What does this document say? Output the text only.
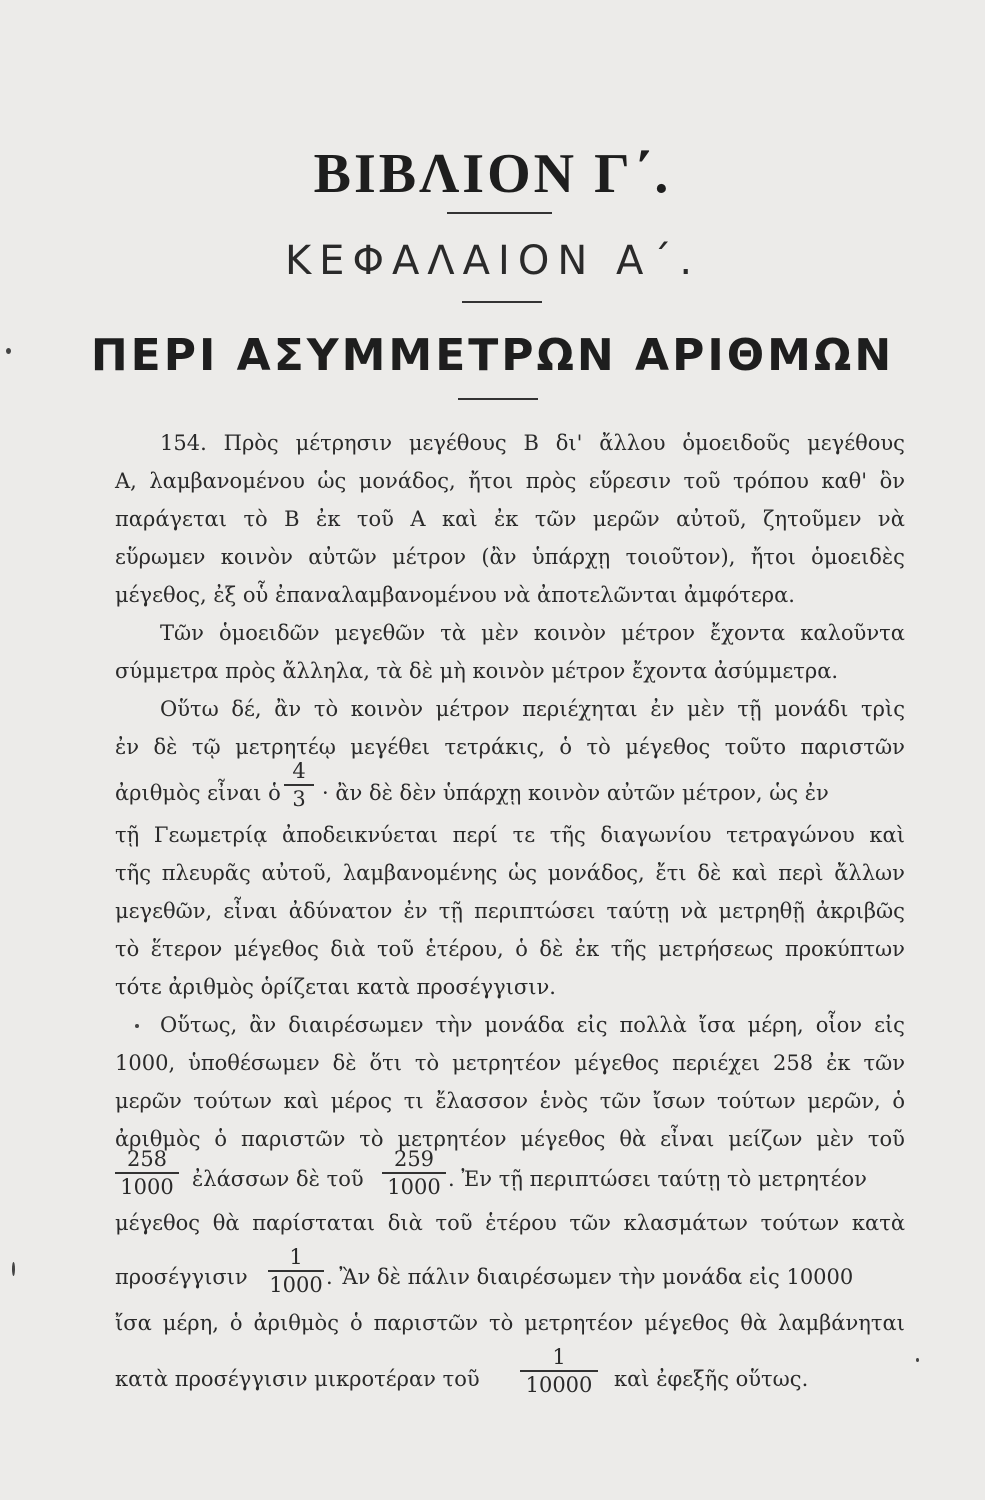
ΒΙΒΛΙΟΝ Γ΄.
ΚΕΦΑΛΑΙΟΝ Α΄.
ΠΕΡΙ ΑΣΥΜΜΕΤΡΩΝ ΑΡΙΘΜΩΝ
154. Πρὸς μέτρησιν μεγέθους Β δι' ἄλλου ὁμοειδοῦς μεγέθους
Α, λαμβανομένου ὡς μονάδος, ἤτοι πρὸς εὕρεσιν τοῦ τρόπου καθ' ὃν
παράγεται τὸ Β ἐκ τοῦ Α καὶ ἐκ τῶν μερῶν αὐτοῦ, ζητοῦμεν νὰ
εὕρωμεν κοινὸν αὐτῶν μέτρον (ἂν ὑπάρχῃ τοιοῦτον), ἤτοι ὁμοειδὲς
μέγεθος, ἐξ οὗ ἐπαναλαμβανομένου νὰ ἀποτελῶνται ἀμφότερα.
Τῶν ὁμοειδῶν μεγεθῶν τὰ μὲν κοινὸν μέτρον ἔχοντα καλοῦντα
σύμμετρα πρὸς ἄλληλα, τὰ δὲ μὴ κοινὸν μέτρον ἔχοντα ἀσύμμετρα.
Οὕτω δέ, ἂν τὸ κοινὸν μέτρον περιέχηται ἐν μὲν τῇ μονάδι τρὶς
ἐν δὲ τῷ μετρητέῳ μεγέθει τετράκις, ὁ τὸ μέγεθος τοῦτο παριστῶν
ἀριθμὸς εἶναι ὁ
4
3 · ἂν δὲ δὲν ὑπάρχῃ κοινὸν αὐτῶν μέτρον, ὡς ἐν
τῇ Γεωμετρίᾳ ἀποδεικνύεται περί τε τῆς διαγωνίου τετραγώνου καὶ
τῆς πλευρᾶς αὐτοῦ, λαμβανομένης ὡς μονάδος, ἔτι δὲ καὶ περὶ ἄλλων
μεγεθῶν, εἶναι ἀδύνατον ἐν τῇ περιπτώσει ταύτῃ νὰ μετρηθῇ ἀκριβῶς
τὸ ἕτερον μέγεθος διὰ τοῦ ἑτέρου, ὁ δὲ ἐκ τῆς μετρήσεως προκύπτων
τότε ἀριθμὸς ὁρίζεται κατὰ προσέγγισιν.
Οὕτως, ἂν διαιρέσωμεν τὴν μονάδα εἰς πολλὰ ἴσα μέρη, οἷον εἰς
1000, ὑποθέσωμεν δὲ ὅτι τὸ μετρητέον μέγεθος περιέχει 258 ἐκ τῶν
μερῶν τούτων καὶ μέρος τι ἔλασσον ἑνὸς τῶν ἴσων τούτων μερῶν, ὁ
ἀριθμὸς ὁ παριστῶν τὸ μετρητέον μέγεθος θὰ εἶναι μείζων μὲν τοῦ
258
1000 ἐλάσσων δὲ τοῦ
259
1000 . Ἐν τῇ περιπτώσει ταύτῃ τὸ μετρητέον
μέγεθος θὰ παρίσταται διὰ τοῦ ἑτέρου τῶν κλασμάτων τούτων κατὰ
προσέγγισιν
1
1000 . Ἂν δὲ πάλιν διαιρέσωμεν τὴν μονάδα εἰς 10000
ἴσα μέρη, ὁ ἀριθμὸς ὁ παριστῶν τὸ μετρητέον μέγεθος θὰ λαμβάνηται
κατὰ προσέγγισιν μικροτέραν τοῦ
1
10000 καὶ ἐφεξῆς οὕτως.
